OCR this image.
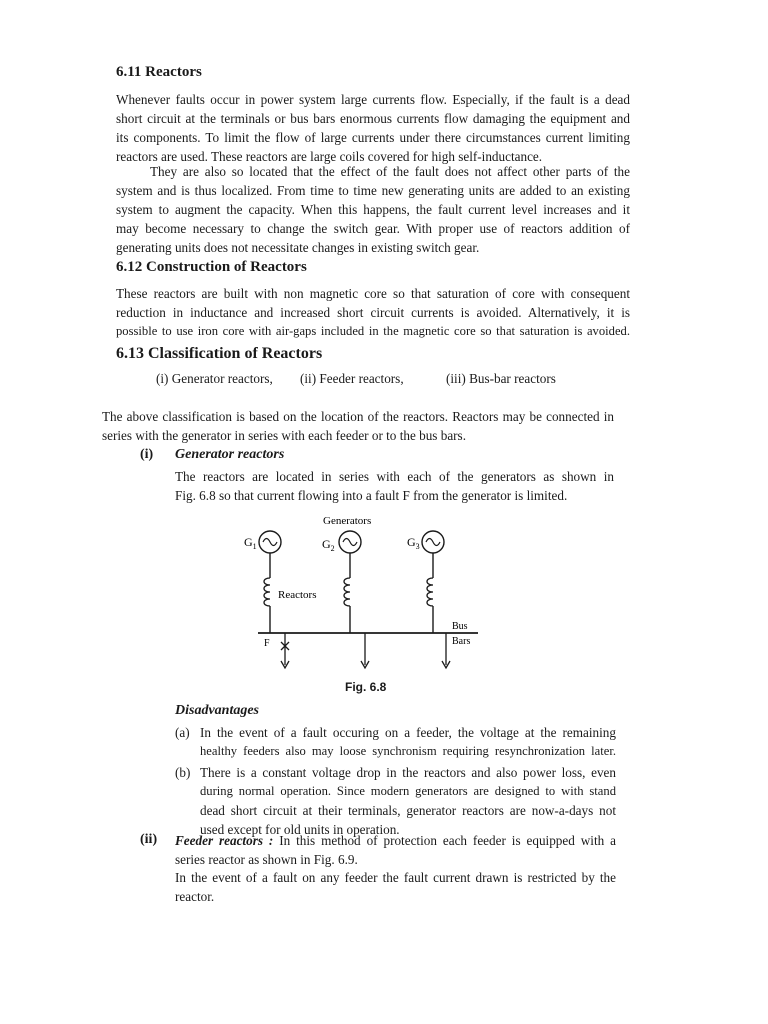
6.11 Reactors
Whenever faults occur in power system large currents flow. Especially, if the fault is a dead
short circuit at the terminals or bus bars enormous currents flow damaging the equipment and
its components. To limit the flow of large currents under there circumstances current limiting
reactors are used. These reactors are large coils covered for high self-inductance.
They are also so located that the effect of the fault does not affect other parts of the
system and is thus localized. From time to time new generating units are added to an existing
system to augment the capacity. When this happens, the fault current level increases and it
may become necessary to change the switch gear. With proper use of reactors addition of
generating units does not necessitate changes in existing switch gear.
6.12 Construction of Reactors
These reactors are built with non magnetic core so that saturation of core with consequent
reduction in inductance and increased short circuit currents is avoided. Alternatively, it is
possible to use iron core with air-gaps included in the magnetic core so that saturation is avoided.
6.13 Classification of Reactors
(i) Generator reactors, (ii) Feeder reactors,	(iii) Bus-bar reactors
The above classification is based on the location of the reactors. Reactors may be connected in
series with the generator in series with each feeder or to the bus bars.
(i) Generator reactors
The reactors are located in series with each of the generators as shown in
Fig. 6.8 so that current flowing into a fault F from the generator is limited.
Generators
$G_1$
Reactors
$G_2$	$G_3$
Bus
Bars
F
Fig. 6.8
Disadvantages
(a) In the event of a fault occuring on a feeder, the voltage at the remaining
healthy feeders also may loose synchronism requiring resynchronization later.
(b) There is a constant voltage drop in the reactors and also power loss, even
during normal operation. Since modern generators are designed to with stand
dead short circuit at their terminals, generator reactors are now-a-days not
used except for old units in operation.
(ii) Feeder reactors : In this method of protection each feeder is equipped with a
series reactor as shown in Fig. 6.9.
In the event of a fault on any feeder the fault current drawn is restricted by the
reactor.
